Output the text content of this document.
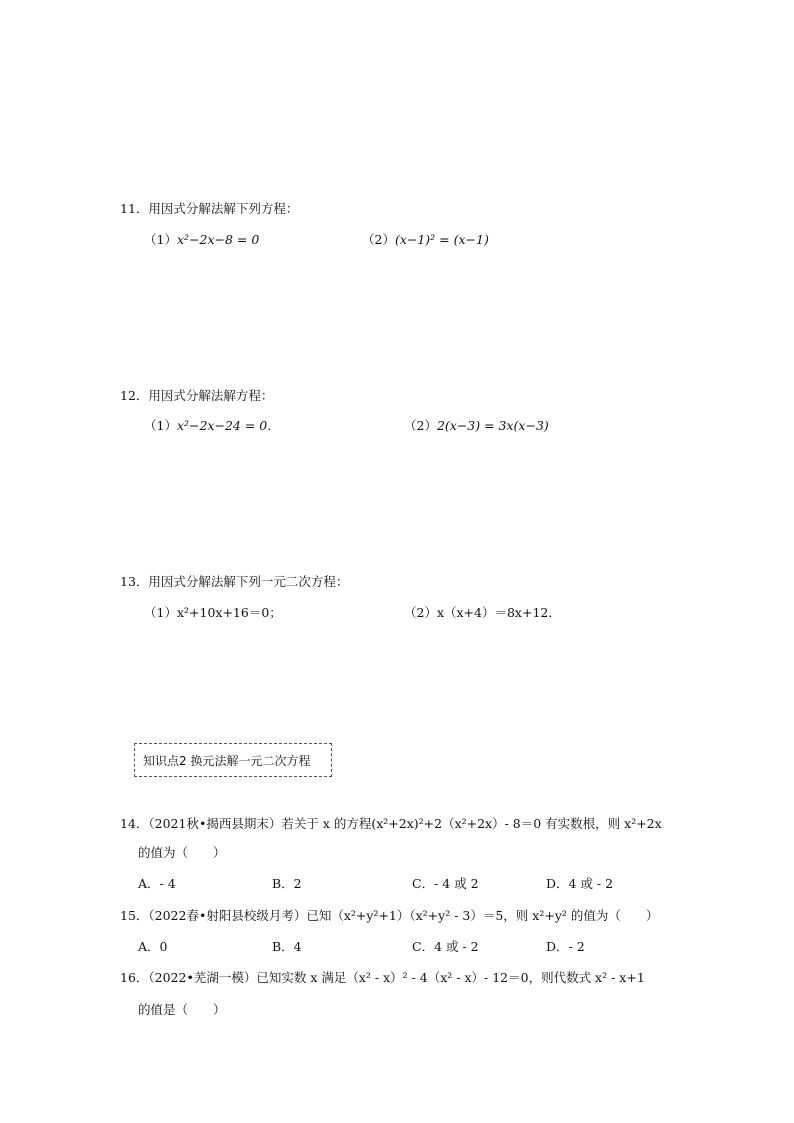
11．用因式分解法解下列方程：
（1）x²−2x−8 = 0	（2）(x−1)² = (x−1)
12．用因式分解法解方程：
（1）x²−2x−24 = 0．	（2）2(x−3) = 3x(x−3)
13．用因式分解法解下列一元二次方程：
（1）x²+10x+16＝0；	（2）x（x+4）＝8x+12．
知识点2 换元法解一元二次方程
14．（2021秋•揭西县期末）若关于 x 的方程(x²+2x)²+2（x²+2x）- 8＝0 有实数根，则 x²+2x
的值为（　　）
A．- 4	B．2	C．- 4 或 2	D．4 或 - 2
15．（2022春•射阳县校级月考）已知（x²+y²+1）（x²+y² - 3）＝5，则 x²+y² 的值为（　　）
A．0	B．4	C．4 或 - 2	D．- 2
16．（2022•芜湖一模）已知实数 x 满足（x² - x）² - 4（x² - x）- 12＝0，则代数式 x² - x+1
的值是（　　）
